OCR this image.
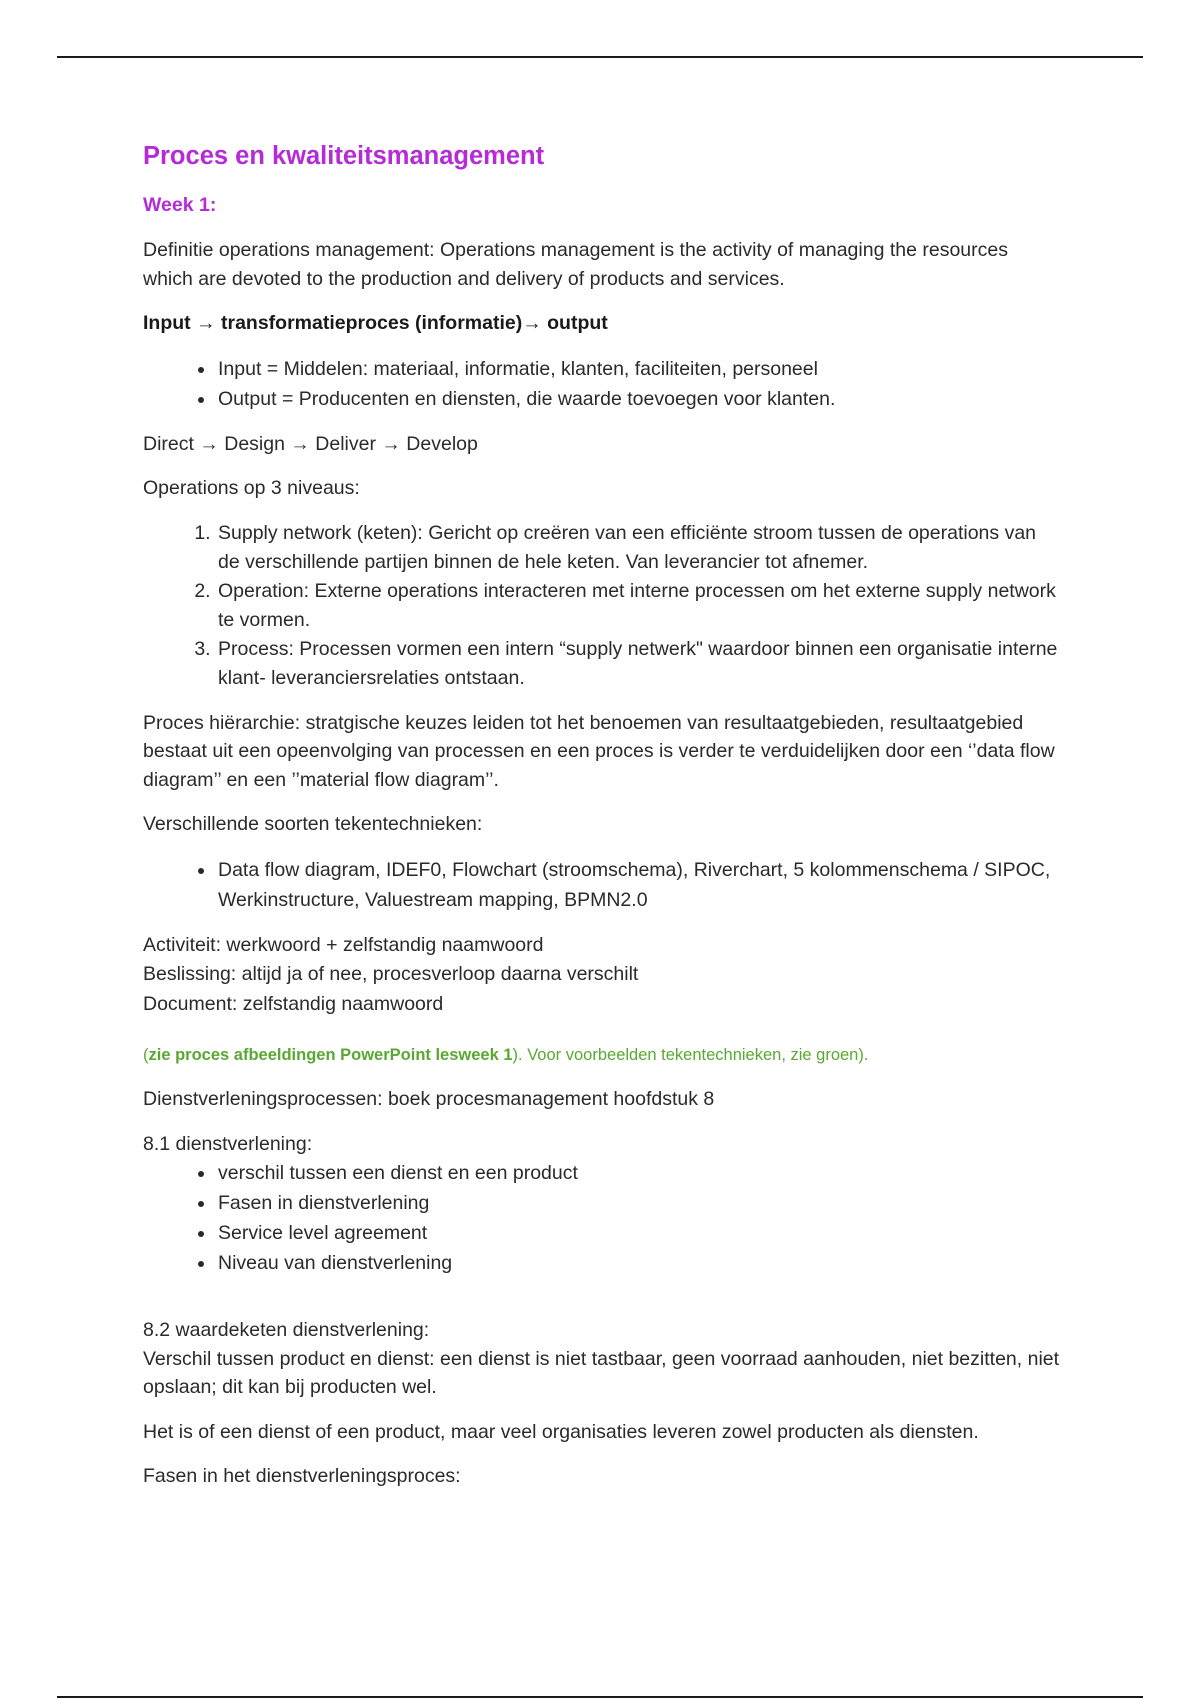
Proces en kwaliteitsmanagement
Week 1:

Definitie operations management: Operations management is the activity of managing the resources which are devoted to the production and delivery of products and services.

Input → transformatieproces (informatie)→ output

• Input = Middelen: materiaal, informatie, klanten, faciliteiten, personeel
• Output = Producenten en diensten, die waarde toevoegen voor klanten.

Direct → Design → Deliver → Develop

Operations op 3 niveaus:

1. Supply network (keten): Gericht op creëren van een efficiënte stroom tussen de operations van de verschillende partijen binnen de hele keten. Van leverancier tot afnemer.
2. Operation: Externe operations interacteren met interne processen om het externe supply network te vormen.
3. Process: Processen vormen een intern “supply netwerk" waardoor binnen een organisatie interne klant- leveranciersrelaties ontstaan.

Proces hiërarchie: stratgische keuzes leiden tot het benoemen van resultaatgebieden, resultaatgebied bestaat uit een opeenvolging van processen en een proces is verder te verduidelijken door een ‘’data flow diagram’’ en een ’’material flow diagram’’.

Verschillende soorten tekentechnieken:

• Data flow diagram, IDEF0, Flowchart (stroomschema), Riverchart, 5 kolommenschema / SIPOC, Werkinstructure, Valuestream mapping, BPMN2.0
Activiteit: werkwoord + zelfstandig naamwoord
Beslissing: altijd ja of nee, procesverloop daarna verschilt
Document: zelfstandig naamwoord

(zie proces afbeeldingen PowerPoint lesweek 1). Voor voorbeelden tekentechnieken, zie groen).

Dienstverleningsprocessen: boek procesmanagement hoofdstuk 8

8.1 dienstverlening:

• verschil tussen een dienst en een product
• Fasen in dienstverlening
• Service level agreement
• Niveau van dienstverlening

8.2 waardeketen dienstverlening:

Verschil tussen product en dienst: een dienst is niet tastbaar, geen voorraad aanhouden, niet bezitten, niet opslaan; dit kan bij producten wel.

Het is of een dienst of een product, maar veel organisaties leveren zowel producten als diensten.

Fasen in het dienstverleningsproces:
